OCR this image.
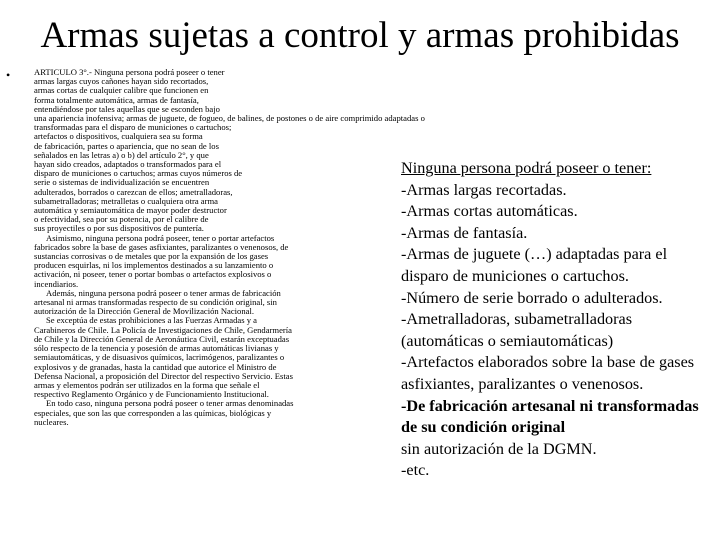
Armas sujetas a control y armas prohibidas
•	ARTICULO 3°.- Ninguna persona podrá poseer o tener
armas largas cuyos cañones hayan sido recortados,
armas cortas de cualquier calibre que funcionen en
forma totalmente automática, armas de fantasía,
entendiéndose por tales aquellas que se esconden bajo
una apariencia inofensiva; armas de juguete, de fogueo, de balines, de postones o de aire comprimido adaptadas o
transformadas para el disparo de municiones o cartuchos;
artefactos o dispositivos, cualquiera sea su forma
de fabricación, partes o apariencia, que no sean de los
señalados en las letras a) o b) del artículo 2°, y que
hayan sido creados, adaptados o transformados para el
disparo de municiones o cartuchos; armas cuyos números de
serie o sistemas de individualización se encuentren
adulterados, borrados o carezcan de ellos; ametralladoras,
subametralladoras; metralletas o cualquiera otra arma
automática y semiautomática de mayor poder destructor
o efectividad, sea por su potencia, por el calibre de
sus proyectiles o por sus dispositivos de puntería.

Asimismo, ninguna persona podrá poseer, tener o portar artefactos fabricados sobre la base de gases asfixiantes, paralizantes o venenosos, de sustancias corrosivas o de metales que por la expansión de los gases producen esquirlas, ni los implementos destinados a su lanzamiento o activación, ni poseer, tener o portar bombas o artefactos explosivos o incendiarios.

Además, ninguna persona podrá poseer o tener armas de fabricación artesanal ni armas transformadas respecto de su condición original, sin autorización de la Dirección General de Movilización Nacional.

Se exceptúa de estas prohibiciones a las Fuerzas Armadas y a Carabineros de Chile. La Policía de Investigaciones de Chile, Gendarmería de Chile y la Dirección General de Aeronáutica Civil, estarán exceptuadas sólo respecto de la tenencia y posesión de armas automáticas livianas y semiautomáticas, y de disuasivos químicos, lacrimógenos, paralizantes o explosivos y de granadas, hasta la cantidad que autorice el Ministro de Defensa Nacional, a proposición del Director del respectivo Servicio. Estas armas y elementos podrán ser utilizados en la forma que señale el respectivo Reglamento Orgánico y de Funcionamiento Institucional.

En todo caso, ninguna persona podrá poseer o tener armas denominadas especiales, que son las que corresponden a las químicas, biológicas y nucleares.

Ninguna persona podrá poseer o tener:
-Armas largas recortadas.
-Armas cortas automáticas.
-Armas de fantasía.
-Armas de juguete (…) adaptadas para el disparo de municiones o cartuchos.
-Número de serie borrado o adulterados.
-Ametralladoras, subametralladoras (automáticas o semiautomáticas)
-Artefactos elaborados sobre la base de gases asfixiantes, paralizantes o venenosos.
-De fabricación artesanal ni transformadas de su condición original
sin autorización de la DGMN.
-etc.
